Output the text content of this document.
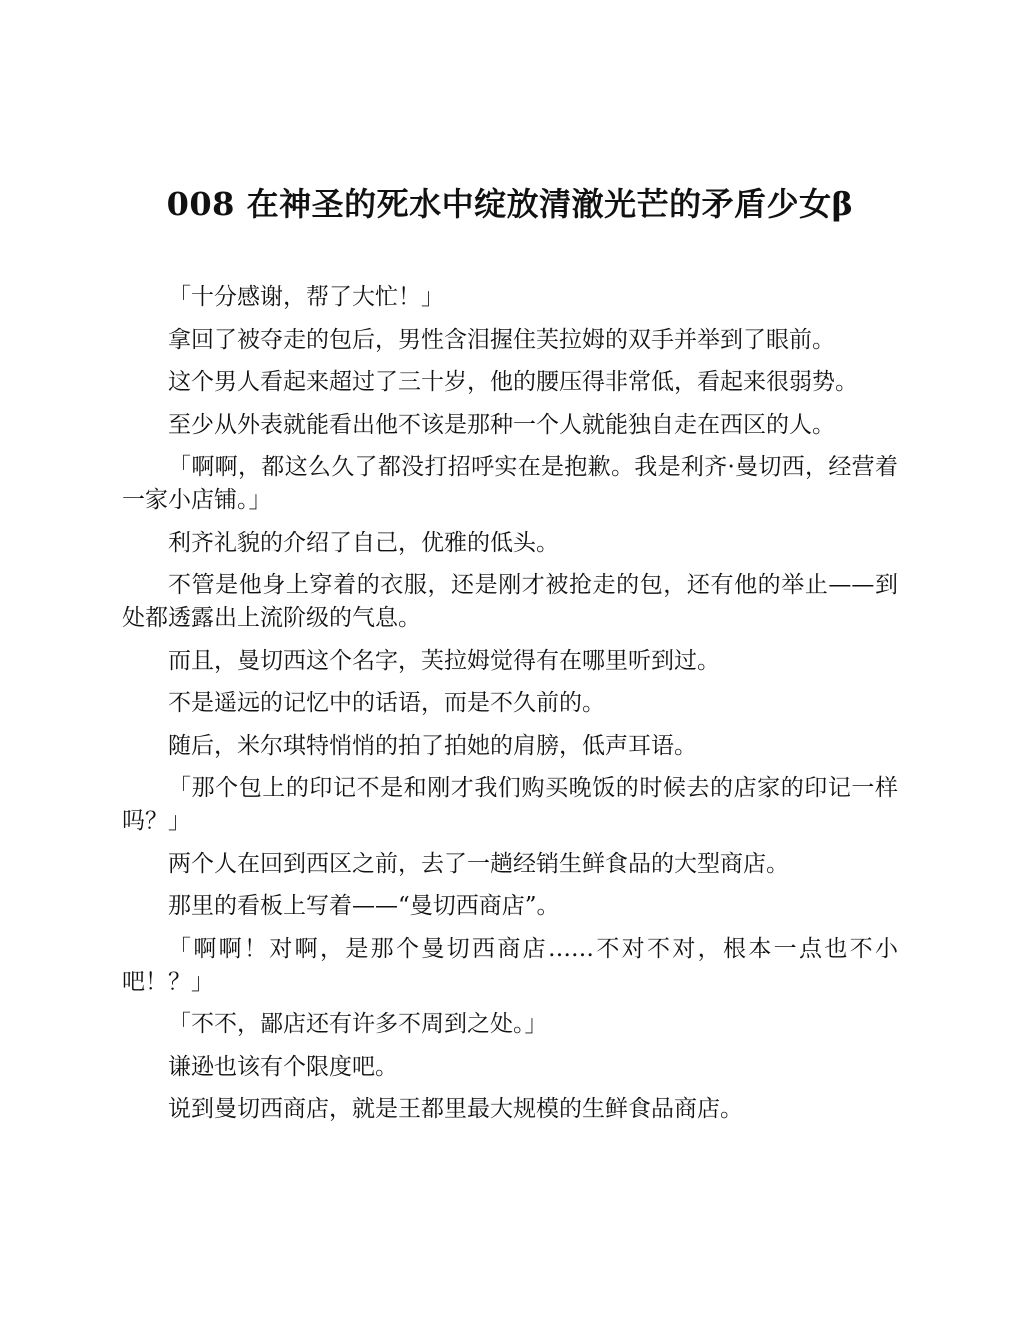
008 在神圣的死水中绽放清澈光芒的矛盾少女β

「十分感谢，帮了大忙！」

拿回了被夺走的包后，男性含泪握住芙拉姆的双手并举到了眼前。

这个男人看起来超过了三十岁，他的腰压得非常低，看起来很弱势。

至少从外表就能看出他不该是那种一个人就能独自走在西区的人。

「啊啊，都这么久了都没打招呼实在是抱歉。我是利齐·曼切西，经营着一家小店铺。」

利齐礼貌的介绍了自己，优雅的低头。

不管是他身上穿着的衣服，还是刚才被抢走的包，还有他的举止——到处都透露出上流阶级的气息。

而且，曼切西这个名字，芙拉姆觉得有在哪里听到过。

不是遥远的记忆中的话语，而是不久前的。

随后，米尔琪特悄悄的拍了拍她的肩膀，低声耳语。

「那个包上的印记不是和刚才我们购买晚饭的时候去的店家的印记一样吗？」

两个人在回到西区之前，去了一趟经销生鲜食品的大型商店。

那里的看板上写着——“曼切西商店”。

「啊啊！对啊，是那个曼切西商店……不对不对，根本一点也不小吧！？」

「不不，鄙店还有许多不周到之处。」

谦逊也该有个限度吧。

说到曼切西商店，就是王都里最大规模的生鲜食品商店。
